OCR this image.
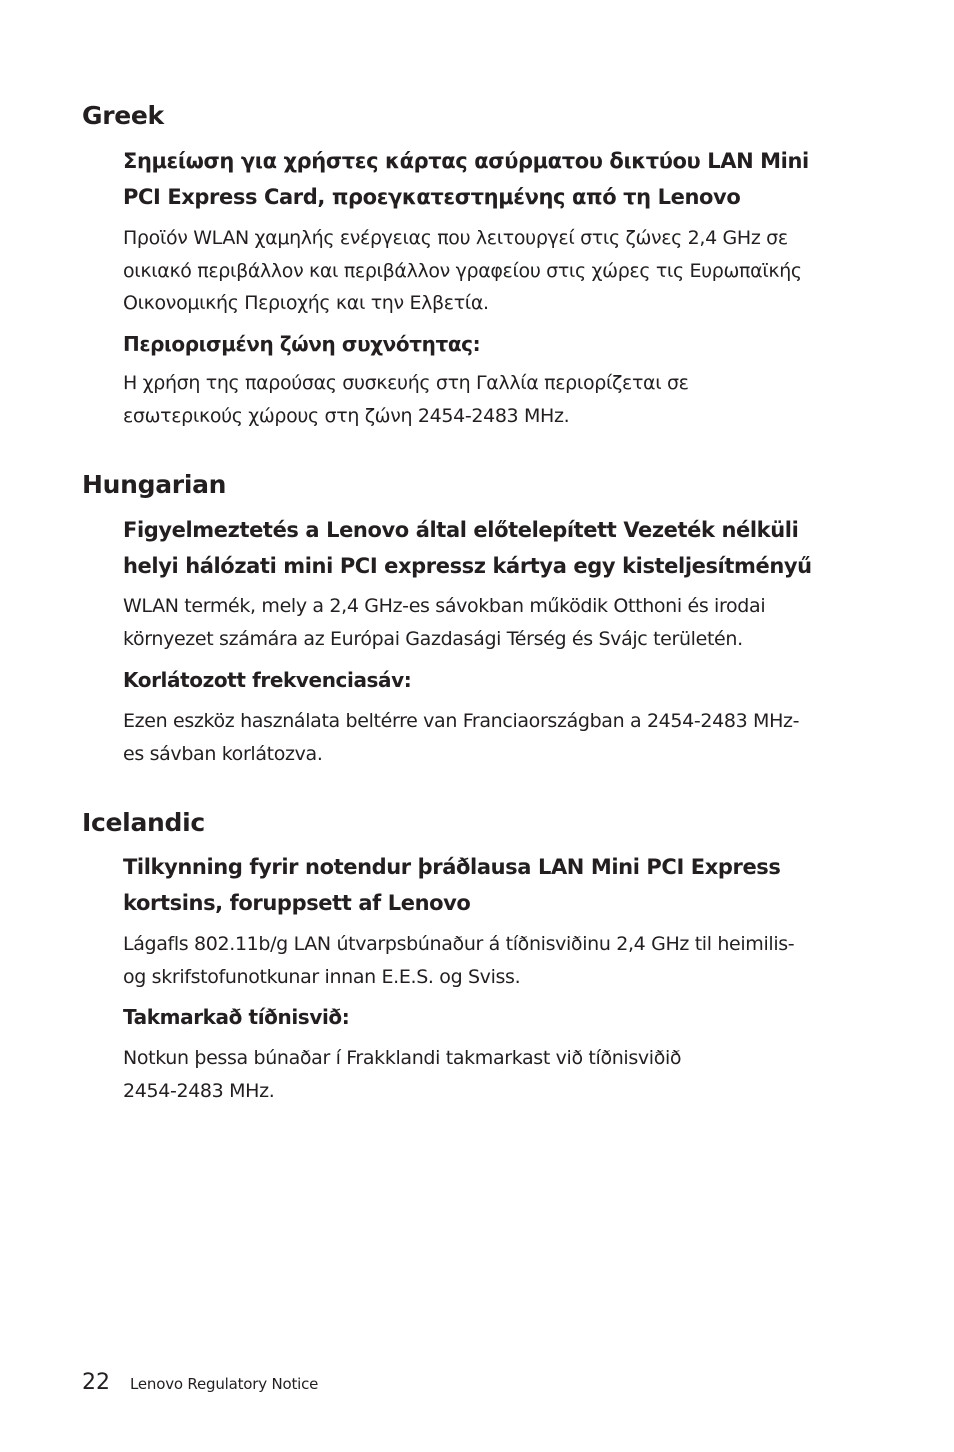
Greek
Σημείωση για χρήστες κάρτας ασύρματου δικτύου LAN Mini
PCI Express Card, προεγκατεστημένης από τη Lenovo

Προϊόν WLAN χαμηλής ενέργειας που λειτουργεί στις ζώνες 2,4 GHz σε
οικιακό περιβάλλον και περιβάλλον γραφείου στις χώρες τις Ευρωπαϊκής
Οικονομικής Περιοχής και την Ελβετία.

Περιορισμένη ζώνη συχνότητας:

Η χρήση της παρούσας συσκευής στη Γαλλία περιορίζεται σε
εσωτερικούς χώρους στη ζώνη 2454-2483 MHz.

Hungarian
Figyelmeztetés a Lenovo által előtelepített Vezeték nélküli
helyi hálózati mini PCI expressz kártya egy kisteljesítményű

WLAN termék, mely a 2,4 GHz-es sávokban működik Otthoni és irodai
környezet számára az Európai Gazdasági Térség és Svájc területén.

Korlátozott frekvenciasáv:

Ezen eszköz használata beltérre van Franciaországban a 2454-2483 MHz-
es sávban korlátozva.

Icelandic
Tilkynning fyrir notendur þráðlausa LAN Mini PCI Express
kortsins, foruppsett af Lenovo

Lágafls 802.11b/g LAN útvarpsbúnaður á tíðnisviðinu 2,4 GHz til heimilis-
og skrifstofunotkunar innan E.E.S. og Sviss.

Takmarkað tíðnisvið:

Notkun þessa búnaðar í Frakklandi takmarkast við tíðnisviðið
2454-2483 MHz.

22 Lenovo Regulatory Notice
